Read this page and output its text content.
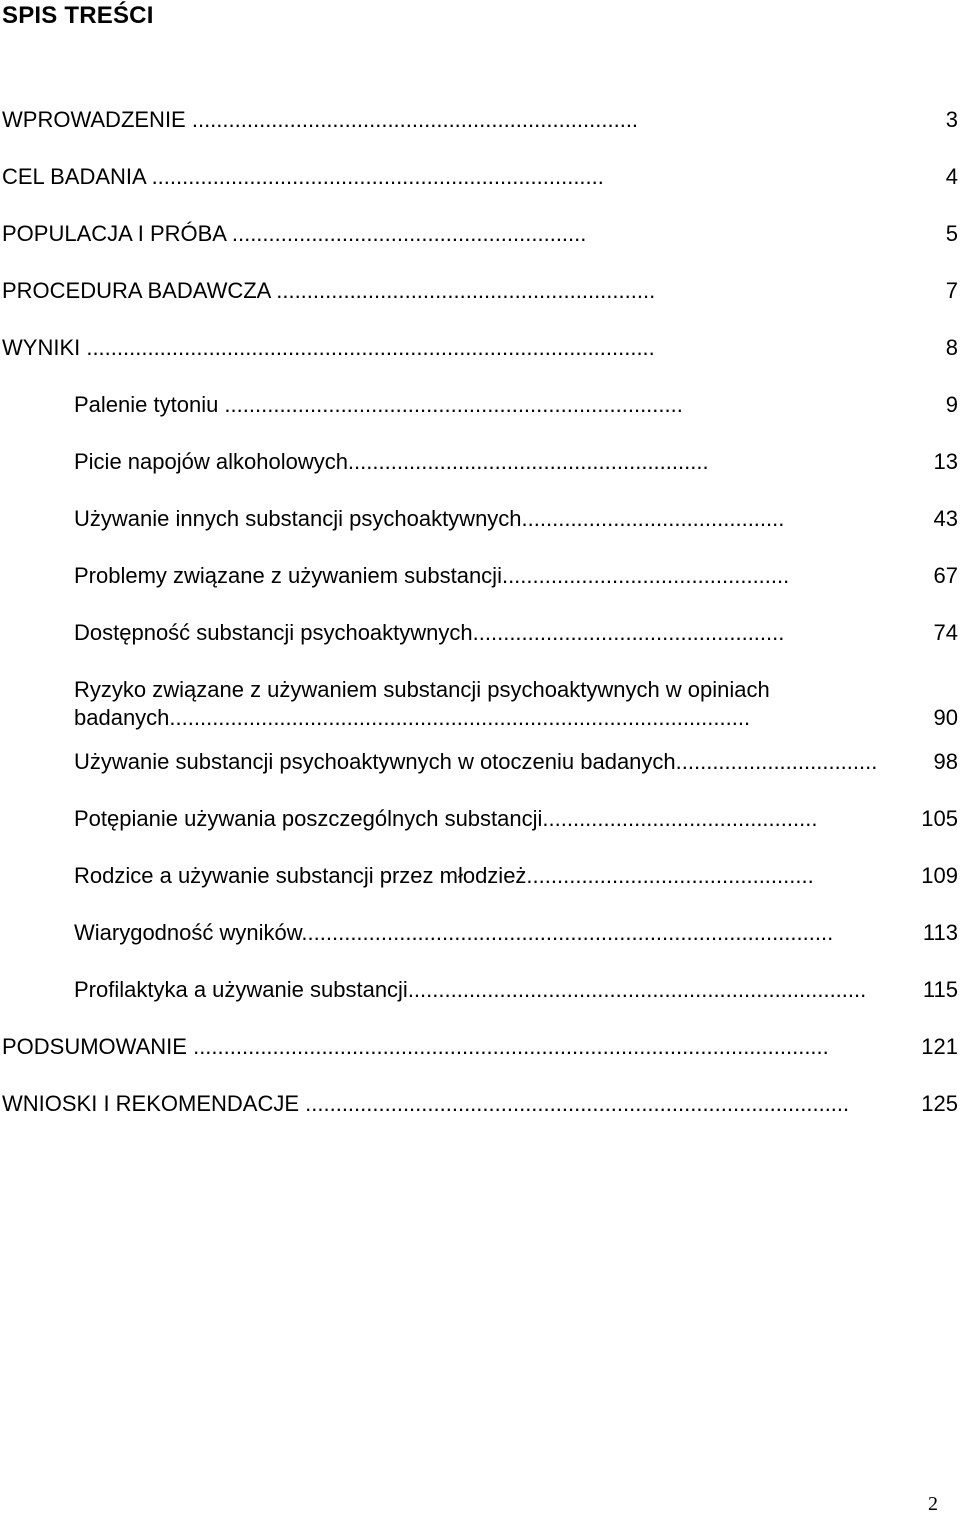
SPIS TREŚCI
WPROWADZENIE .........................................................................	3
CEL BADANIA ..........................................................................	4
POPULACJA I PRÓBA ..........................................................	5
PROCEDURA BADAWCZA ..............................................................	7
WYNIKI .............................................................................................	8
Palenie tytoniu ...........................................................................	9
Picie napojów alkoholowych...........................................................	13
Używanie innych substancji psychoaktywnych...........................................	43
Problemy związane z używaniem substancji...............................................	67
Dostępność substancji psychoaktywnych...................................................	74
Ryzyko związane z używaniem substancji psychoaktywnych w opiniach badanych...............................................................................................	90
Używanie substancji psychoaktywnych w otoczeniu badanych.................................	98
Potępianie używania poszczególnych substancji.............................................	105
Rodzice a używanie substancji przez młodzież...............................................	109
Wiarygodność wyników.......................................................................................	113
Profilaktyka a używanie substancji...........................................................................	115
PODSUMOWANIE ........................................................................................................	121
WNIOSKI I REKOMENDACJE .........................................................................................	125
2
